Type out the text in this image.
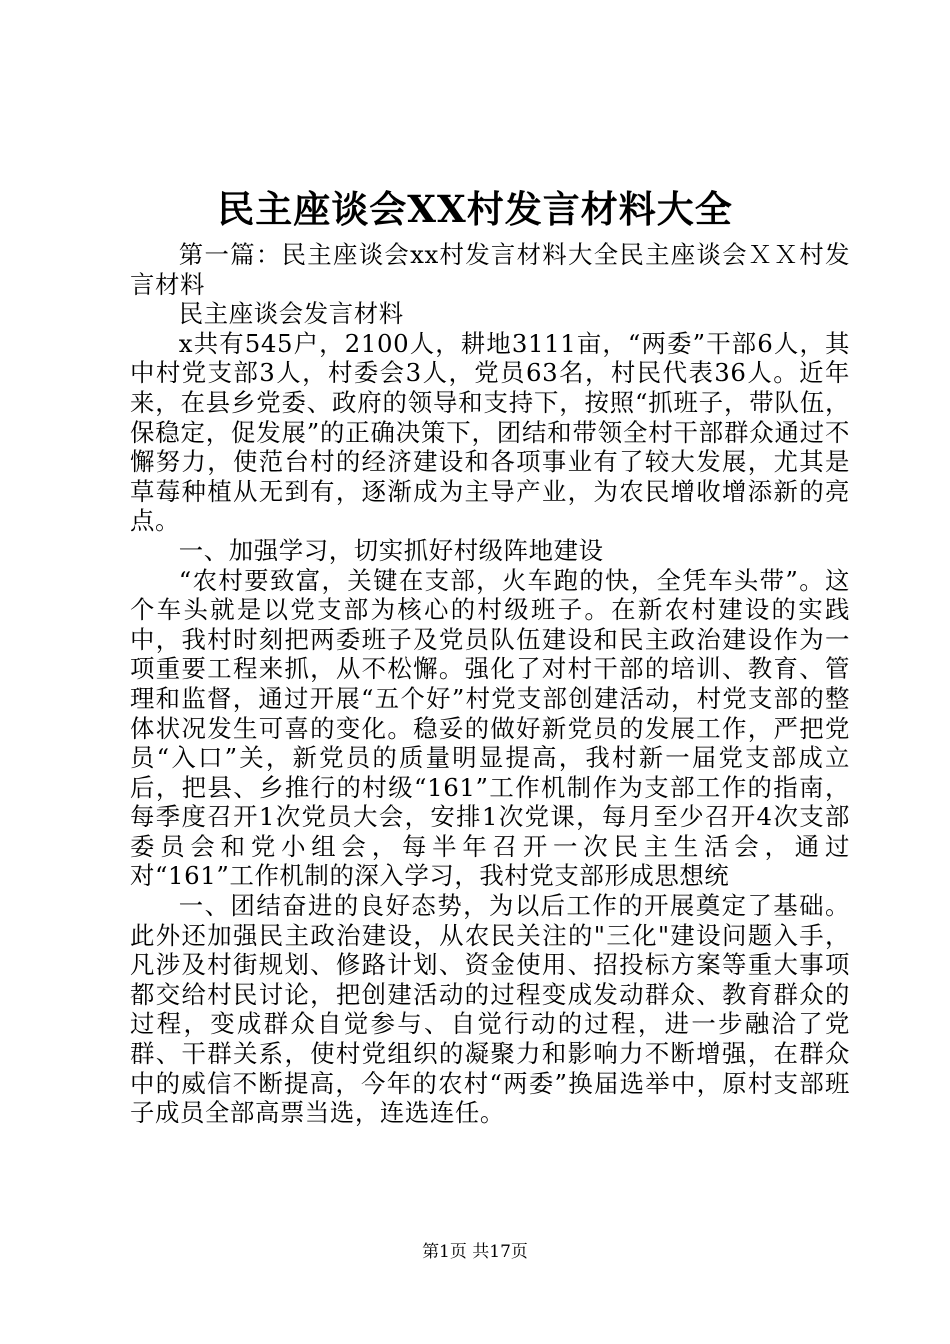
民主座谈会XX村发言材料大全

第一篇：民主座谈会xx村发言材料大全民主座谈会ＸＸ村发言材料

民主座谈会发言材料

x共有545户，2100人，耕地3111亩，“两委”干部6人，其中村党支部3人，村委会3人，党员63名，村民代表36人。近年来，在县乡党委、政府的领导和支持下，按照“抓班子，带队伍，保稳定，促发展”的正确决策下，团结和带领全村干部群众通过不懈努力，使范台村的经济建设和各项事业有了较大发展，尤其是草莓种植从无到有，逐渐成为主导产业，为农民增收增添新的亮点。

一、加强学习，切实抓好村级阵地建设

“农村要致富，关键在支部，火车跑的快，全凭车头带”。这个车头就是以党支部为核心的村级班子。在新农村建设的实践中，我村时刻把两委班子及党员队伍建设和民主政治建设作为一项重要工程来抓，从不松懈。强化了对村干部的培训、教育、管理和监督，通过开展“五个好”村党支部创建活动，村党支部的整体状况发生可喜的变化。稳妥的做好新党员的发展工作，严把党员“入口”关，新党员的质量明显提高，我村新一届党支部成立后，把县、乡推行的村级“161”工作机制作为支部工作的指南，每季度召开1次党员大会，安排1次党课，每月至少召开4次支部委员会和党小组会，每半年召开一次民主生活会，通过对“161”工作机制的深入学习，我村党支部形成思想统

一、团结奋进的良好态势，为以后工作的开展奠定了基础。此外还加强民主政治建设，从农民关注的"三化"建设问题入手，凡涉及村街规划、修路计划、资金使用、招投标方案等重大事项都交给村民讨论，把创建活动的过程变成发动群众、教育群众的过程，变成群众自觉参与、自觉行动的过程，进一步融洽了党群、干群关系，使村党组织的凝聚力和影响力不断增强，在群众中的威信不断提高，今年的农村“两委”换届选举中，原村支部班子成员全部高票当选，连选连任。

第1页 共17页
